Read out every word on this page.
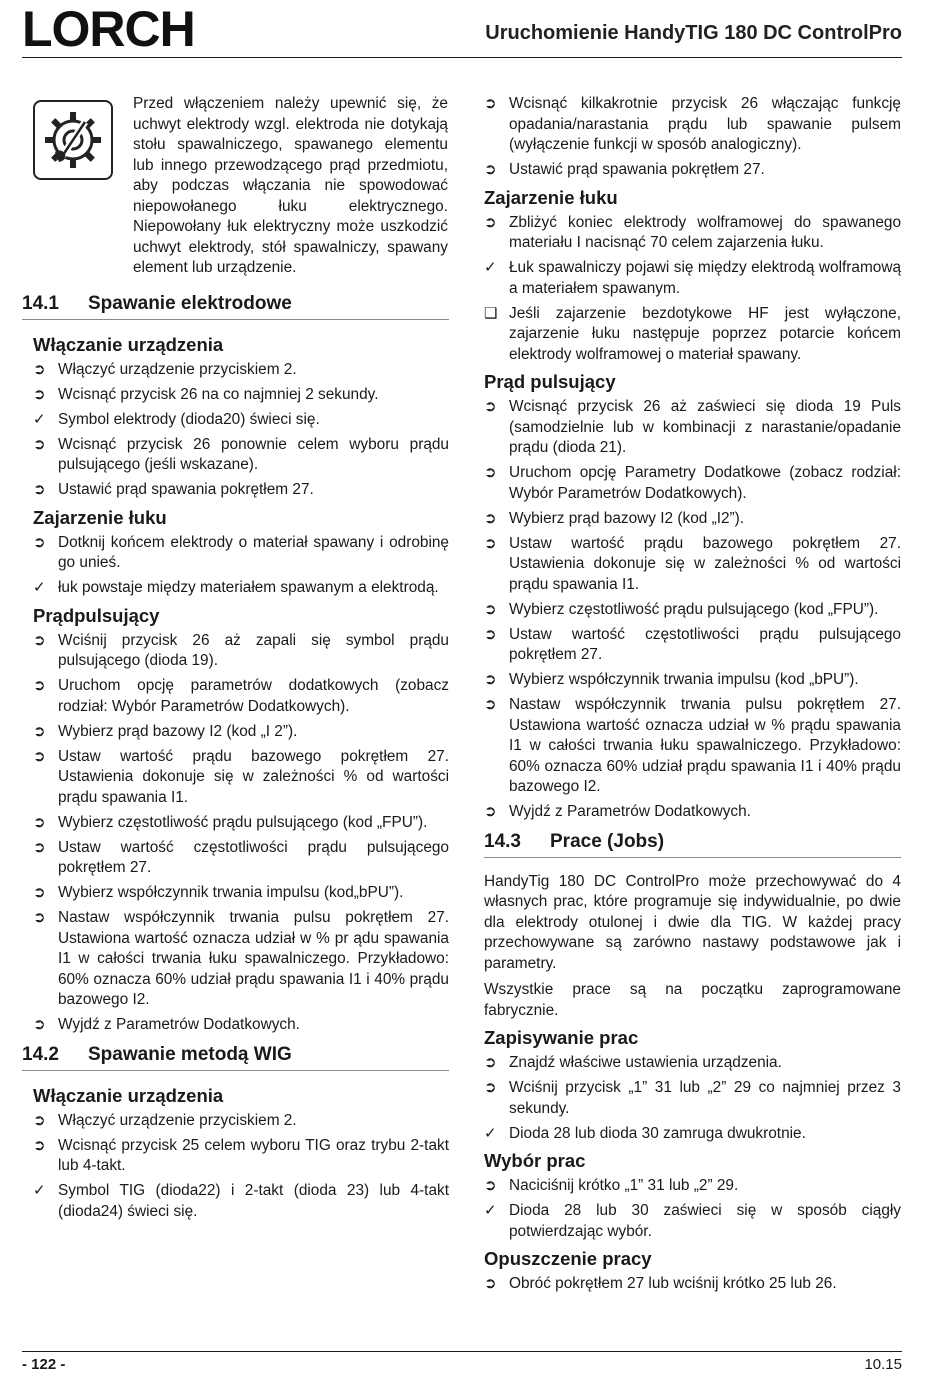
LORCH	Uruchomienie HandyTIG 180 DC ControlPro
Przed włączeniem należy upewnić się, że uchwyt elektrody wzgl. elektroda nie dotykają stołu spawalniczego, spawanego elementu lub innego przewodzącego prąd przedmiotu, aby podczas włączania nie spowodować niepowołanego łuku elektrycznego. Niepowołany łuk elektryczny może uszkodzić uchwyt elektrody, stół spawalniczy, spawany element lub urządzenie.
14.1 Spawanie elektrodowe
Włączanie urządzenia
➲ Włączyć urządzenie przyciskiem 2.
➲ Wcisnąć przycisk 26 na co najmniej 2 sekundy.
✓ Symbol elektrody (dioda20) świeci się.
➲ Wcisnąć przycisk 26 ponownie celem wyboru prądu pulsującego (jeśli wskazane).
➲ Ustawić prąd spawania pokrętłem 27.
Zajarzenie łuku
➲ Dotknij końcem elektrody o materiał spawany i odrobinę go unieś.
✓ łuk powstaje między materiałem spawanym a elektrodą.
Prądpulsujący
➲ Wciśnij przycisk 26 aż zapali się symbol prądu pulsującego (dioda 19).
➲ Uruchom opcję parametrów dodatkowych (zobacz rodział: Wybór Parametrów Dodatkowych).
➲ Wybierz prąd bazowy I2 (kod „I 2”).
➲ Ustaw wartość prądu bazowego pokrętłem 27. Ustawienia dokonuje się w zależności % od wartości prądu spawania I1.
➲ Wybierz częstotliwość prądu pulsującego (kod „FPU”).
➲ Ustaw wartość częstotliwości prądu pulsującego pokrętłem 27.
➲ Wybierz współczynnik trwania impulsu (kod„bPU”).
➲ Nastaw współczynnik trwania pulsu pokrętłem 27. Ustawiona wartość oznacza udział w % pr ądu spawania I1 w całości trwania łuku spawalniczego. Przykładowo: 60% oznacza 60% udział prądu spawania I1 i 40% prądu bazowego I2.
➲ Wyjdź z Parametrów Dodatkowych.
14.2 Spawanie metodą WIG
Włączanie urządzenia
➲ Włączyć urządzenie przyciskiem 2.
➲ Wcisnąć przycisk 25 celem wyboru TIG oraz trybu 2-takt lub 4-takt.
✓ Symbol TIG (dioda22) i 2-takt (dioda 23) lub 4-takt (dioda24) świeci się.
➲ Wcisnąć kilkakrotnie przycisk 26 włączając funkcję opadania/narastania prądu lub spawanie pulsem (wyłączenie funkcji w sposób analogiczny).
➲ Ustawić prąd spawania pokrętłem 27.
Zajarzenie łuku
➲ Zbliżyć koniec elektrody wolframowej do spawanego materiału I nacisnąć 70 celem zajarzenia łuku.
✓ Łuk spawalniczy pojawi się między elektrodą wolframową a materiałem spawanym.
❑ Jeśli zajarzenie bezdotykowe HF jest wyłączone, zajarzenie łuku następuje poprzez potarcie końcem elektrody wolframowej o materiał spawany.
Prąd pulsujący
➲ Wcisnąć przycisk 26 aż zaświeci się dioda 19 Puls (samodzielnie lub w kombinacji z narastanie/opadanie prądu (dioda 21).
➲ Uruchom opcję Parametry Dodatkowe (zobacz rodział: Wybór Parametrów Dodatkowych).
➲ Wybierz prąd bazowy I2 (kod „I2”).
➲ Ustaw wartość prądu bazowego pokrętłem 27. Ustawienia dokonuje się w zależności % od wartości prądu spawania I1.
➲ Wybierz częstotliwość prądu pulsującego (kod „FPU”).
➲ Ustaw wartość częstotliwości prądu pulsującego pokrętłem 27.
➲ Wybierz współczynnik trwania impulsu (kod „bPU”).
➲ Nastaw współczynnik trwania pulsu pokrętłem 27. Ustawiona wartość oznacza udział w % prądu spawania I1 w całości trwania łuku spawalniczego. Przykładowo: 60% oznacza 60% udział prądu spawania I1 i 40% prądu bazowego I2.
➲ Wyjdź z Parametrów Dodatkowych.
14.3 Prace (Jobs)

HandyTig 180 DC ControlPro może przechowywać do 4 własnych prac, które programuje się indywidualnie, po dwie dla elektrody otulonej i dwie dla TIG. W każdej pracy przechowywane są zarówno nastawy podstawowe jak i parametry.

Wszystkie prace są na początku zaprogramowane fabrycznie.

Zapisywanie prac
➲ Znajdź właściwe ustawienia urządzenia.
➲ Wciśnij przycisk „1” 31 lub „2” 29 co najmniej przez 3 sekundy.
✓ Dioda 28 lub dioda 30 zamruga dwukrotnie.
Wybór prac
➲ Naciciśnij krótko „1” 31 lub „2” 29.
✓ Dioda 28 lub 30 zaświeci się w sposób ciągły potwierdzając wybór.
Opuszczenie pracy
➲ Obróć pokrętłem 27 lub wciśnij krótko 25 lub 26.
- 122 -	10.15
